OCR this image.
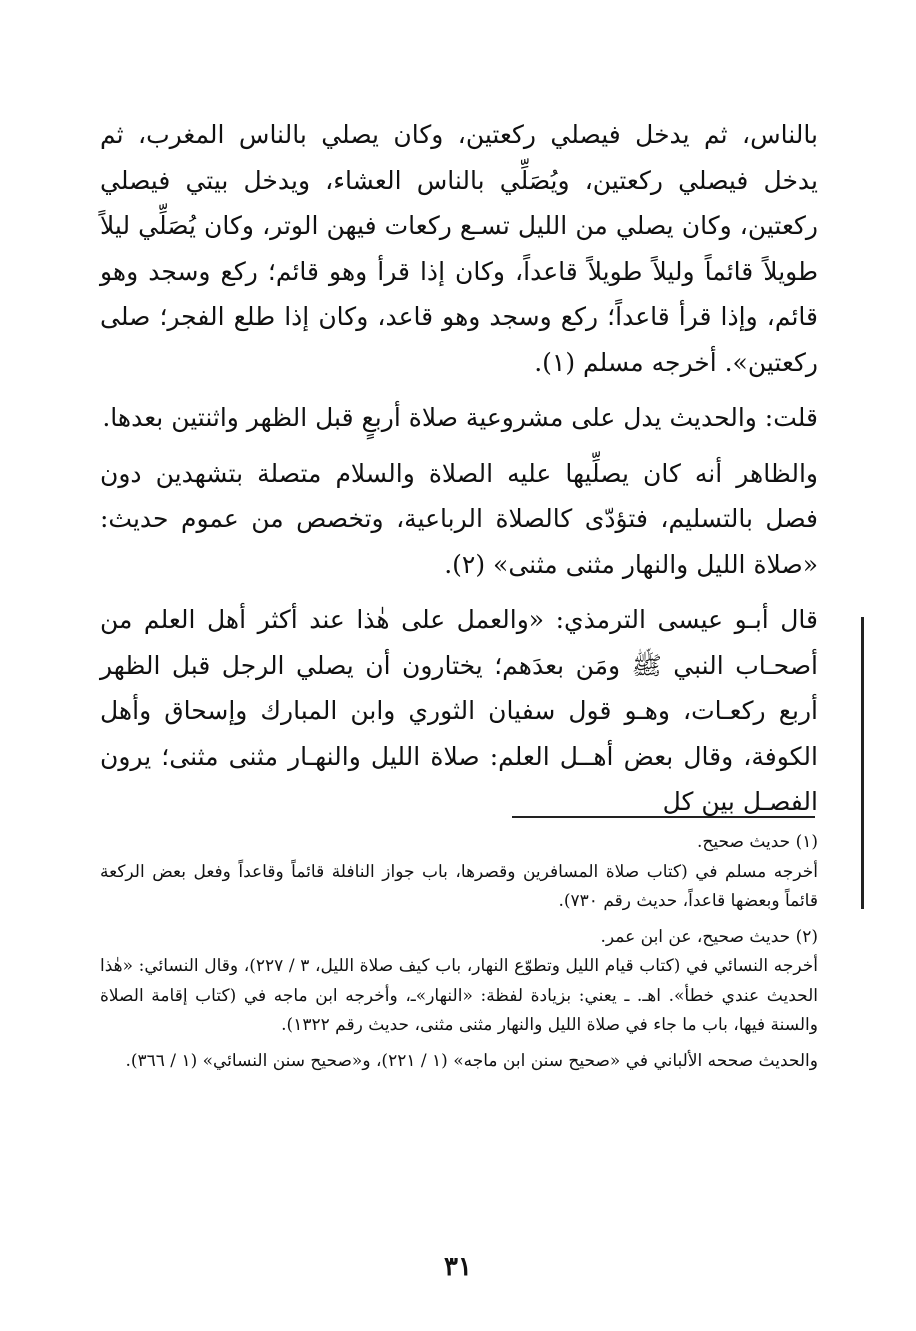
بالناس، ثم يدخل فيصلي ركعتين، وكان يصلي بالناس المغرب، ثم يدخل فيصلي ركعتين، ويُصَلِّي بالناس العشاء، ويدخل بيتي فيصلي ركعتين، وكان يصلي من الليل تسـع ركعات فيهن الوتر، وكان يُصَلِّي ليلاً طويلاً قائماً وليلاً طويلاً قاعداً، وكان إذا قرأ وهو قائم؛ ركع وسجد وهو قائم، وإذا قرأ قاعداً؛ ركع وسجد وهو قاعد، وكان إذا طلع الفجر؛ صلى ركعتين». أخرجه مسلم (١).

قلت: والحديث يدل على مشروعية صلاة أربعٍ قبل الظهر واثنتين بعدها.

والظاهر أنه كان يصلِّيها عليه الصلاة والسلام متصلة بتشهدين دون فصل بالتسليم، فتؤدّى كالصلاة الرباعية، وتخصص من عموم حديث: «صلاة الليل والنهار مثنى مثنى» (٢).

قال أبـو عيسى الترمذي: «والعمل على هٰذا عند أكثر أهل العلم من أصحـاب النبي ﷺ ومَن بعدَهم؛ يختارون أن يصلي الرجل قبل الظهر أربع ركعـات، وهـو قول سفيان الثوري وابن المبارك وإسحاق وأهل الكوفة، وقال بعض أهــل العلم: صلاة الليل والنهـار مثنى مثنى؛ يرون الفصـل بين كل

(١) حديث صحيح.

أخرجه مسلم في (كتاب صلاة المسافرين وقصرها، باب جواز النافلة قائماً وقاعداً وفعل بعض الركعة قائماً وبعضها قاعداً، حديث رقم ٧٣٠).

(٢) حديث صحيح، عن ابن عمر.

أخرجه النسائي في (كتاب قيام الليل وتطوّع النهار، باب كيف صلاة الليل، ٣ / ٢٢٧)، وقال النسائي: «هٰذا الحديث عندي خطأ». اهـ. ـ يعني: بزيادة لفظة: «النهار»ـ، وأخرجه ابن ماجه في (كتاب إقامة الصلاة والسنة فيها، باب ما جاء في صلاة الليل والنهار مثنى مثنى، حديث رقم ١٣٢٢).

والحديث صححه الألباني في «صحيح سنن ابن ماجه» (١ / ٢٢١)، و«صحيح سنن النسائي» (١ / ٣٦٦).

٣١
